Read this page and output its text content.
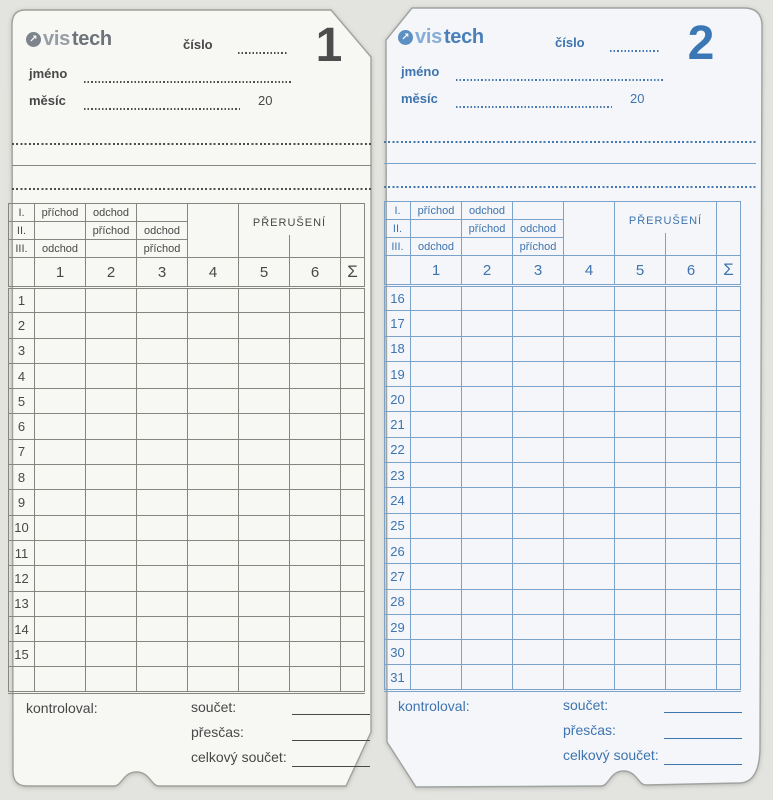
↗ vis tech	číslo 1
jméno
měsíc	20
I.	příchod	odchod			PŘERUŠENÍ		
II.		příchod	odchod				
III.	odchod		příchod				
	1	2	3	4	5	6	Σ
1							
2							
3							
4							
5							
6							
7							
8							
9							
10							
11							
12							
13							
14							
15							

kontroloval:	součet:
přesčas:
celkový součet:
↗ vis tech	číslo 2
jméno
měsíc	20
I.	příchod	odchod			PŘERUŠENÍ		
II.		příchod	odchod				
III.	odchod		příchod				
	1	2	3	4	5	6	Σ
16							
17							
18							
19							
20							
21							
22							
23							
24							
25							
26							
27							
28							
29							
30							
31							
kontroloval:	součet:
přesčas:
celkový součet:
